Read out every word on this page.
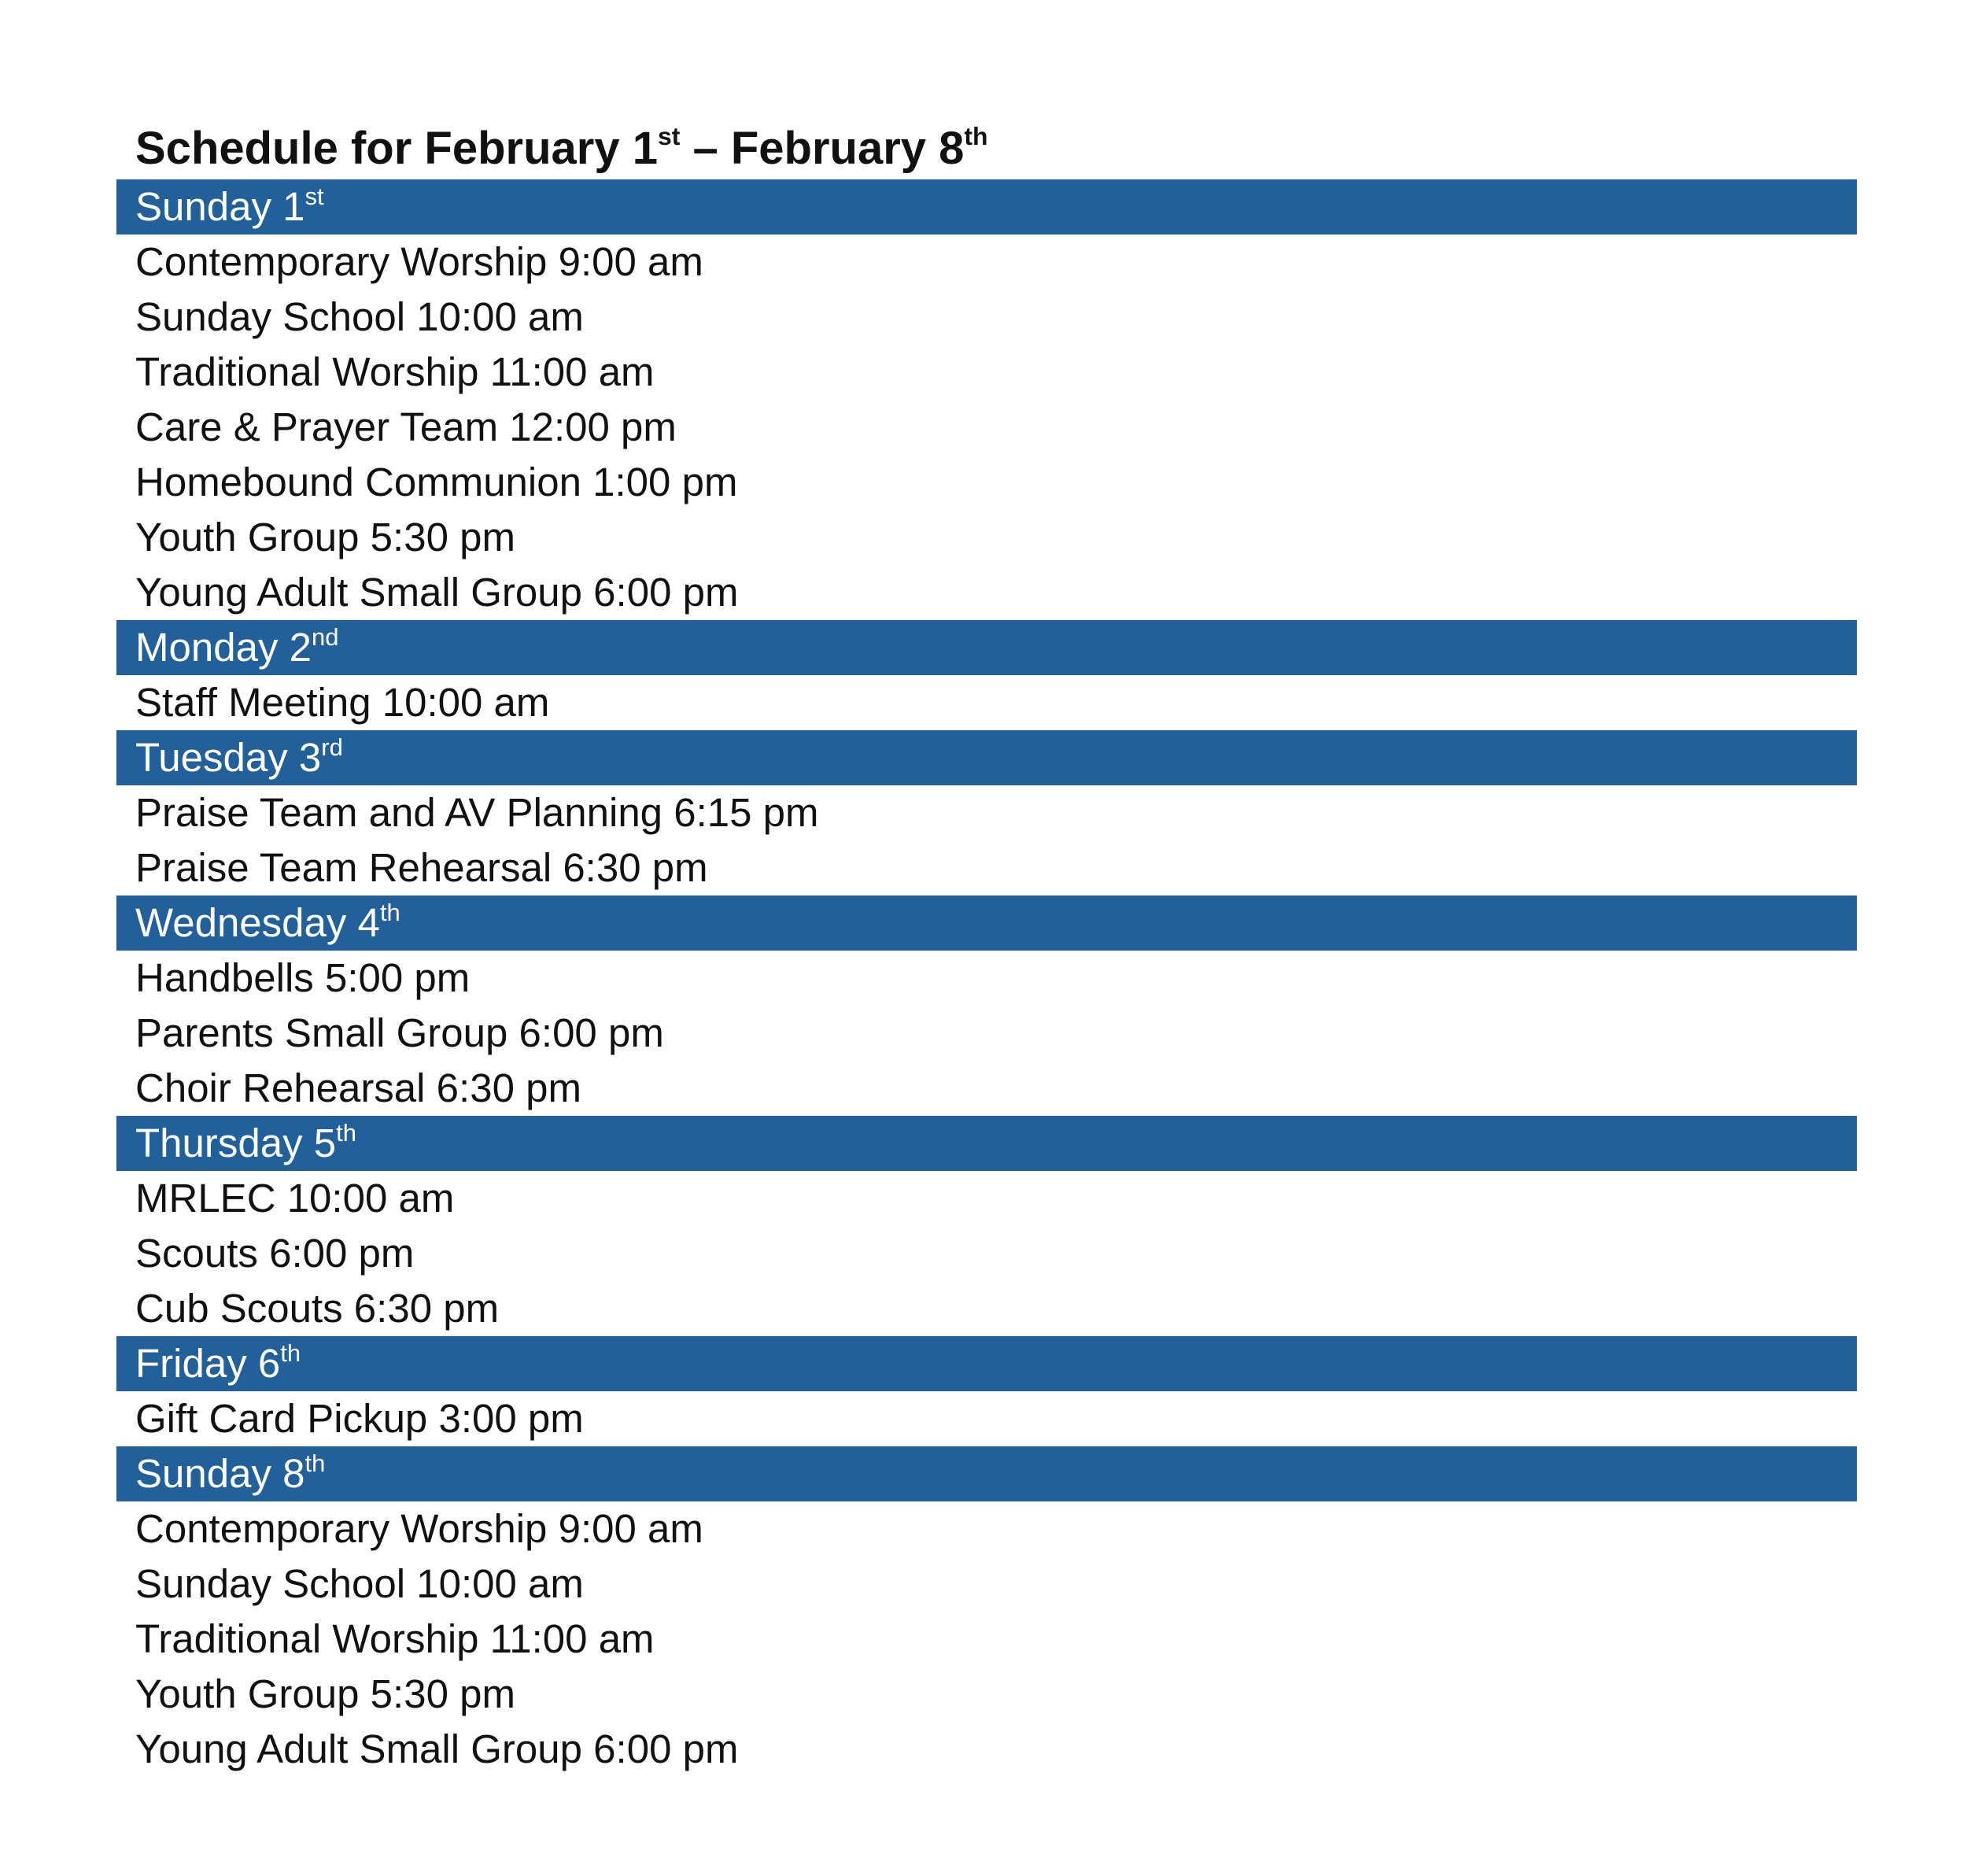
Schedule for February 1st – February 8th
Sunday 1st
Contemporary Worship 9:00 am
Sunday School 10:00 am
Traditional Worship 11:00 am
Care & Prayer Team 12:00 pm
Homebound Communion 1:00 pm
Youth Group 5:30 pm
Young Adult Small Group 6:00 pm
Monday 2nd
Staff Meeting 10:00 am
Tuesday 3rd
Praise Team and AV Planning 6:15 pm
Praise Team Rehearsal 6:30 pm
Wednesday 4th
Handbells 5:00 pm
Parents Small Group 6:00 pm
Choir Rehearsal 6:30 pm
Thursday 5th
MRLEC 10:00 am
Scouts 6:00 pm
Cub Scouts 6:30 pm
Friday 6th
Gift Card Pickup 3:00 pm
Sunday 8th
Contemporary Worship 9:00 am
Sunday School 10:00 am
Traditional Worship 11:00 am
Youth Group 5:30 pm
Young Adult Small Group 6:00 pm
